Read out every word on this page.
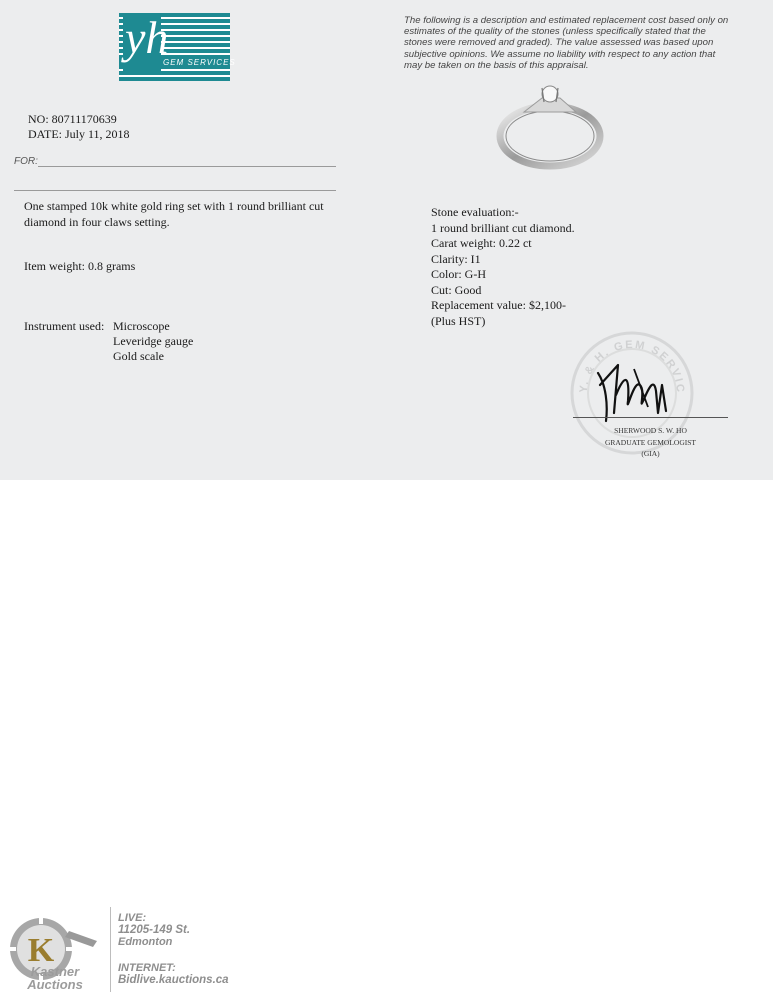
yh
GEM SERVICES
The following is a description and estimated replacement cost based only on estimates of the quality of the stones (unless specifically stated that the stones were removed and graded). The value assessed was based upon subjective opinions. We assume no liability with respect to any action that may be taken on the basis of this appraisal.
NO: 80711170639
DATE: July 11, 2018
FOR:
One stamped 10k white gold ring set with 1 round brilliant cut diamond in four claws setting.
Item weight: 0.8 grams
Instrument used: Microscope
Leveridge gauge
Gold scale
Stone evaluation:-
1 round brilliant cut diamond.
Carat weight: 0.22 ct
Clarity: I1
Color: G-H
Cut: Good
Replacement value: $2,100-
(Plus HST)
Y. & H. GEM SERVIC
SHERWOOD S. W. HO
GRADUATE GEMOLOGIST
(GIA)
K
Kastner
Auctions
LIVE:
11205-149 St.
Edmonton
INTERNET:
Bidlive.kauctions.ca
